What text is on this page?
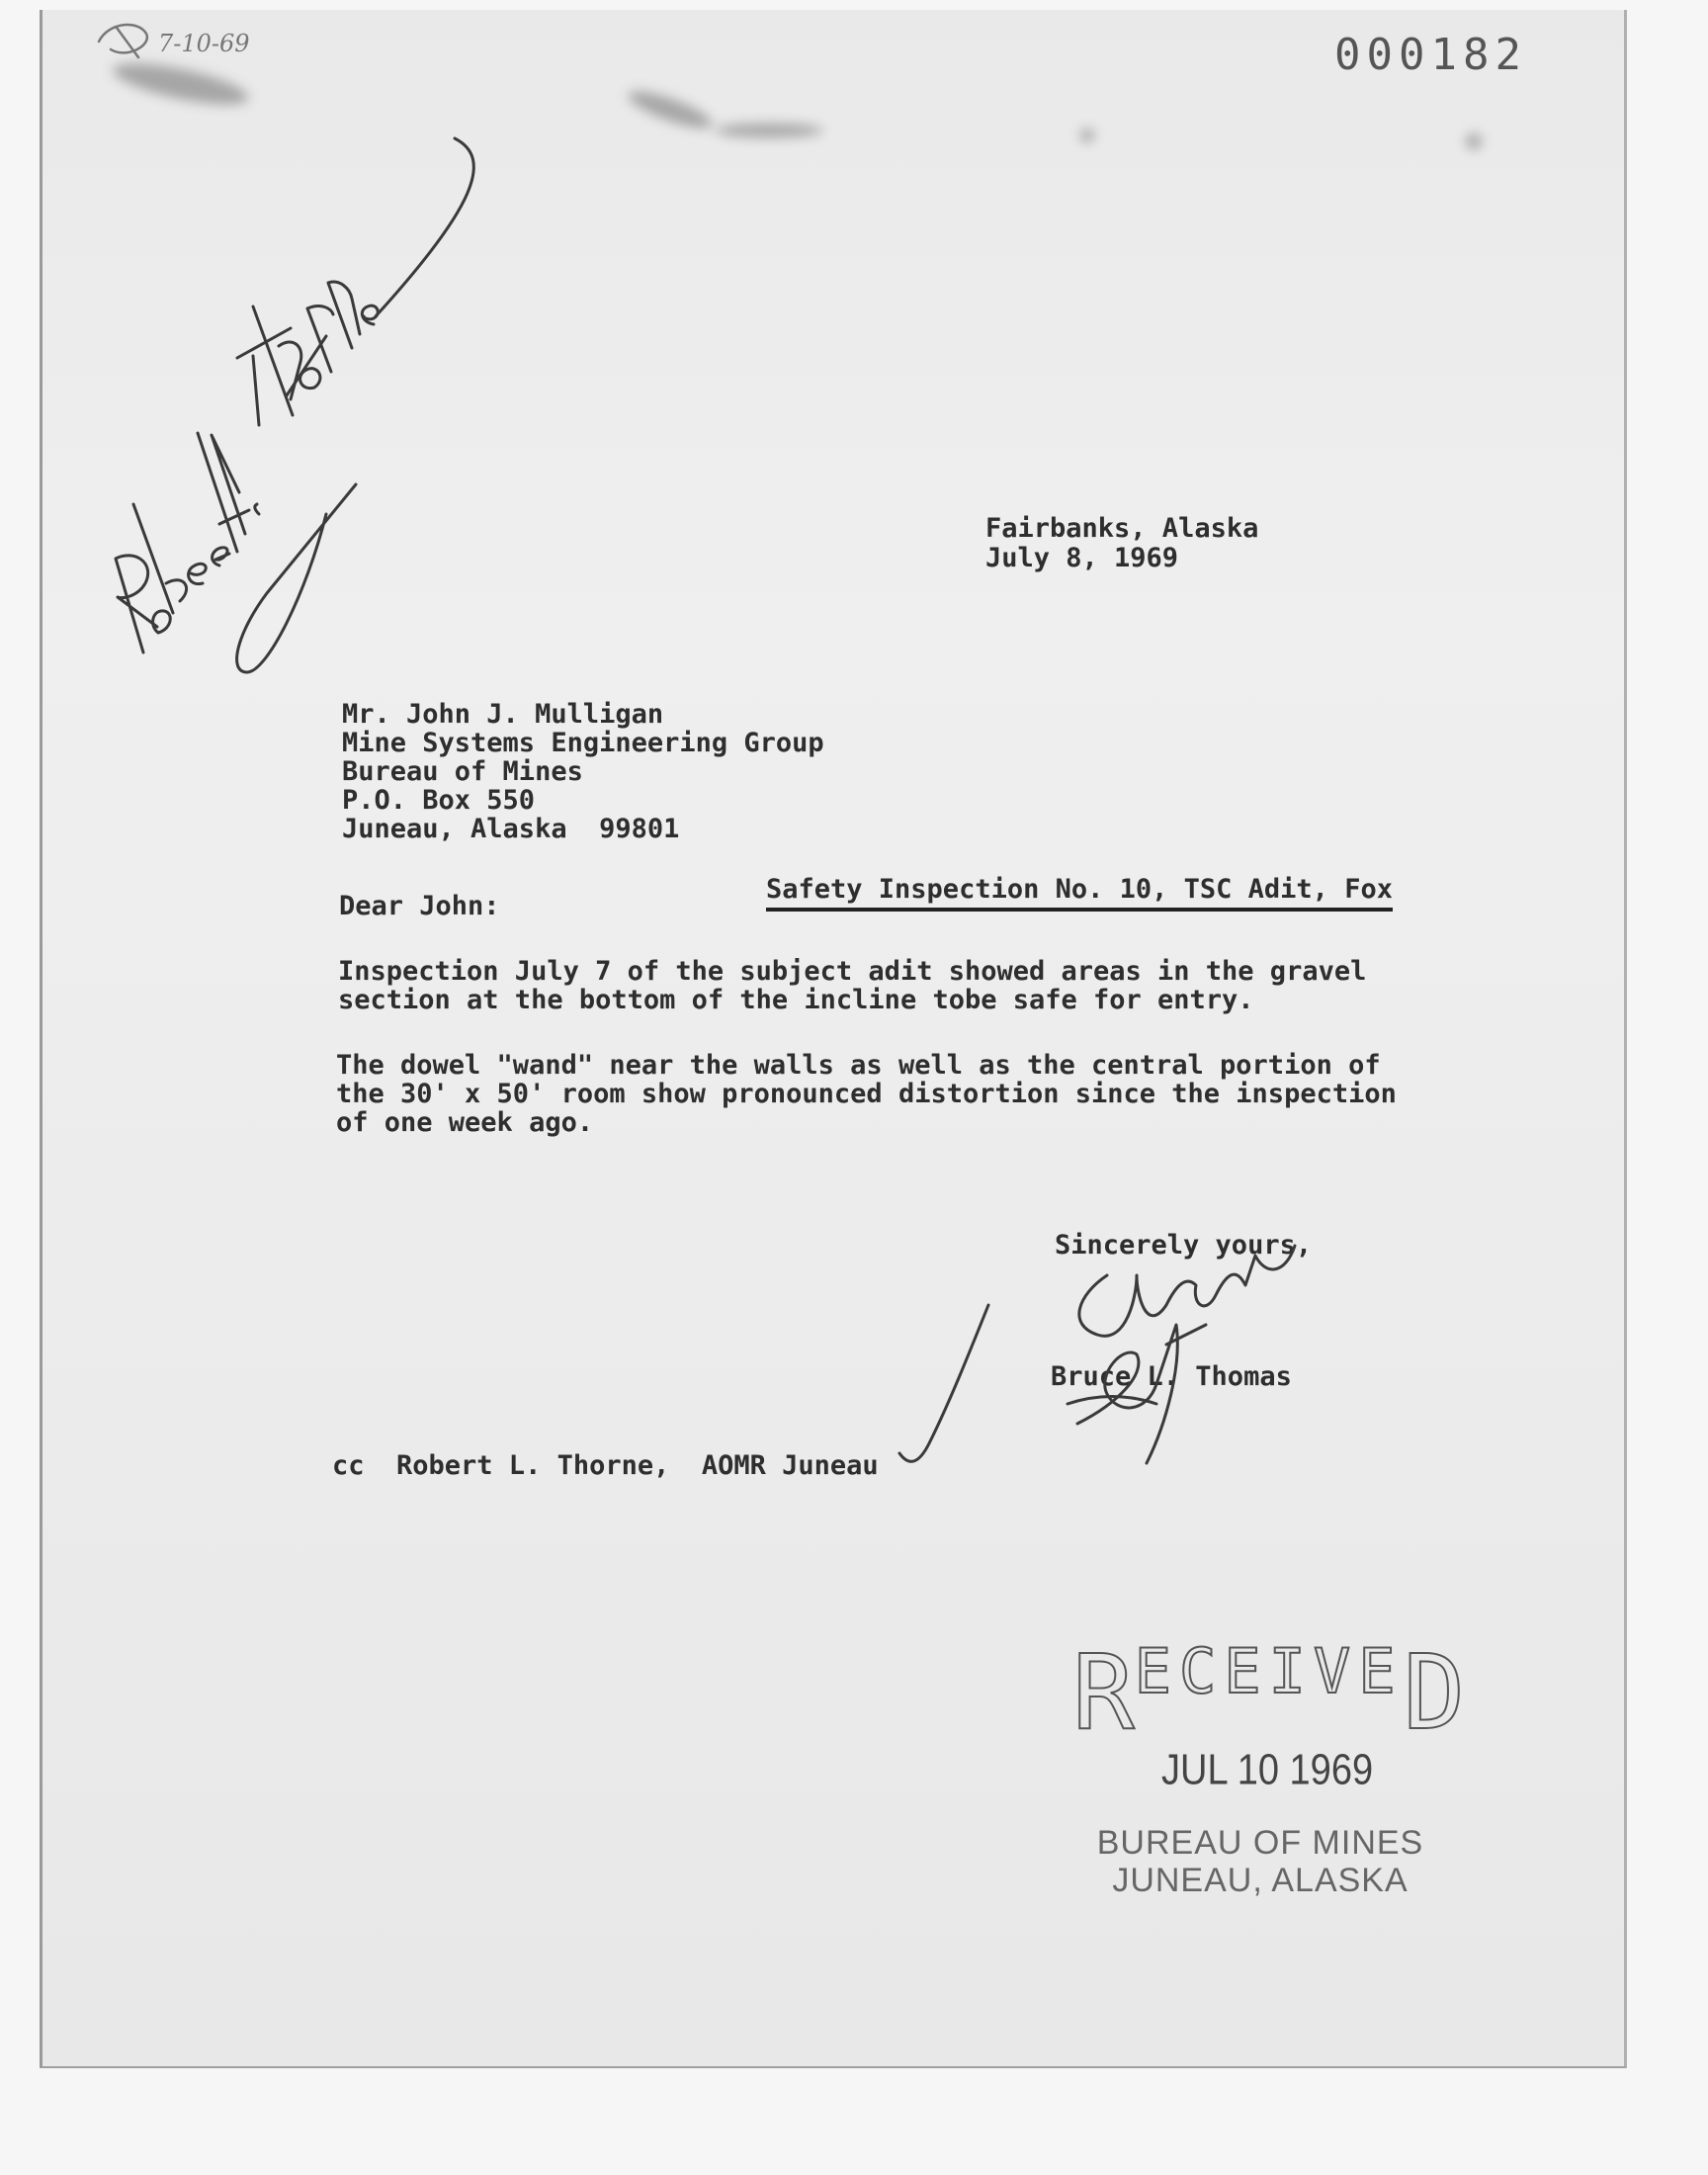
000182
Fairbanks, Alaska
July 8, 1969
Mr. John J. Mulligan
Mine Systems Engineering Group
Bureau of Mines
P.O. Box 550
Juneau, Alaska  99801
Safety Inspection No. 10, TSC Adit, Fox
Dear John:
Inspection July 7 of the subject adit showed areas in the gravel
section at the bottom of the incline tobe safe for entry.
The dowel "wand" near the walls as well as the central portion of
the 30' x 50' room show pronounced distortion since the inspection
of one week ago.
Sincerely yours,
Bruce L. Thomas
cc  Robert L. Thorne,  AOMR Juneau
R ECEIVE D
JUL 10 1969
BUREAU OF MINES
JUNEAU, ALASKA
7-10-69
